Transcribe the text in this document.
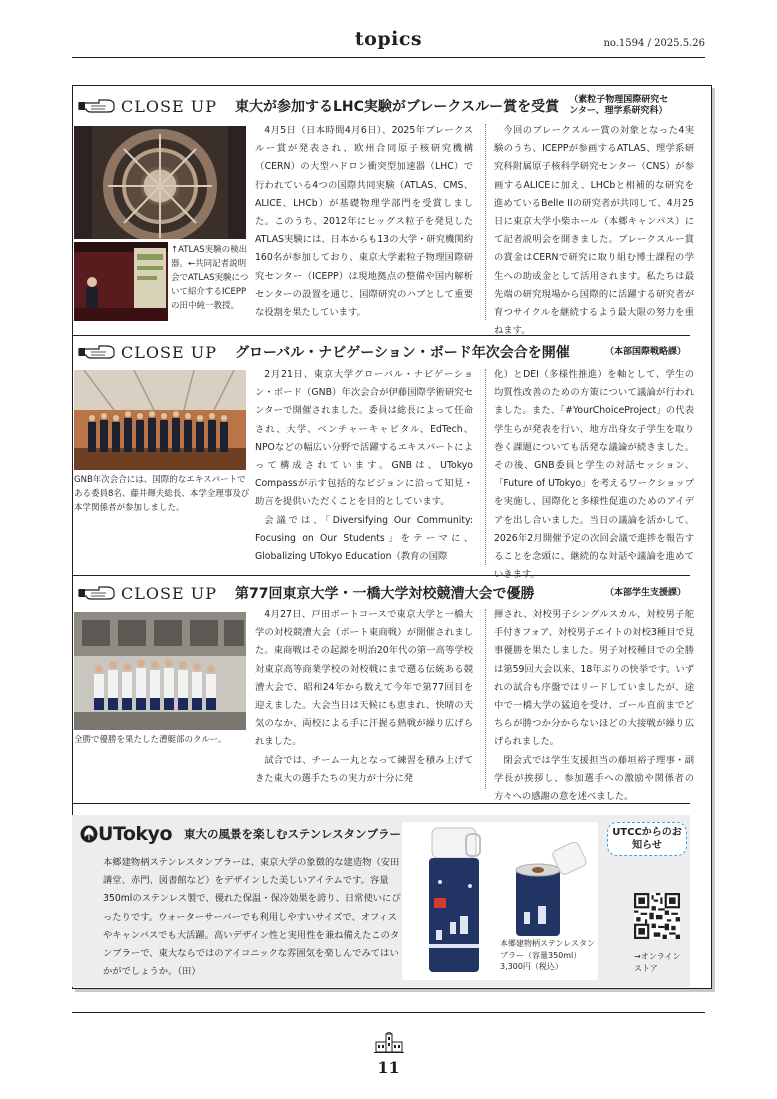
topics	no.1594 / 2025.5.26
CLOSE UP 東大が参加するLHC実験がブレークスルー賞を受賞 （素粒子物理国際研究センター、理学系研究科）
↑ATLAS実験の検出器。←共同記者説明会でATLAS実験について紹介するICEPPの田中純一教授。

4月5日（日本時間4月6日）、2025年ブレークスルー賞が発表され、欧州合同原子核研究機構（CERN）の大型ハドロン衝突型加速器（LHC）で行われている4つの国際共同実験（ATLAS、CMS、ALICE、LHCb）が基礎物理学部門を受賞しました。このうち、2012年にヒッグス粒子を発見したATLAS実験には、日本からも13の大学・研究機関約160名が参加しており、東京大学素粒子物理国際研究センター（ICEPP）は現地拠点の整備や国内解析センターの設置を通じ、国際研究のハブとして重要な役割を果たしています。

今回のブレークスルー賞の対象となった4実験のうち、ICEPPが参画するATLAS、理学系研究科附属原子核科学研究センター（CNS）が参画するALICEに加え、LHCbと相補的な研究を進めているBelle IIの研究者が共同して、4月25日に東京大学小柴ホール（本郷キャンパス）にて記者説明会を開きました。ブレークスルー賞の賞金はCERNで研究に取り組む博士課程の学生への助成金として活用されます。私たちは最先端の研究現場から国際的に活躍する研究者が育つサイクルを継続するよう最大限の努力を重ねます。

CLOSE UP グローバル・ナビゲーション・ボード年次会合を開催	（本部国際戦略課）
GNB年次会合には、国際的なエキスパートである委員8名、藤井輝夫総長、本学全理事及び本学関係者が参加しました。

2月21日、東京大学グローバル・ナビゲーション・ボード（GNB）年次会合が伊藤国際学術研究センターで開催されました。委員は総長によって任命され、大学、ベンチャーキャピタル、EdTech、NPOなどの幅広い分野で活躍するエキスパートによって構成されています。GNBは、UTokyo Compassが示す包括的なビジョンに沿って知見・助言を提供いただくことを目的としています。

会議では、「Diversifying Our Community: Focusing on Our Students」をテーマに、Globalizing UTokyo Education（教育の国際

化）とDEI（多様性推進）を軸として、学生の均質性改善のための方策について議論が行われました。また、「#YourChoiceProject」の代表学生らが発表を行い、地方出身女子学生を取り巻く課題についても活発な議論が続きました。その後、GNB委員と学生の対話セッション、「Future of UTokyo」を考えるワークショップを実施し、国際化と多様性促進のためのアイデアを出し合いました。当日の議論を活かして、2026年2月開催予定の次回会議で進捗を報告することを念頭に、継続的な対話や議論を進めていきます。

CLOSE UP 第77回東京大学・一橋大学対校競漕大会で優勝	（本部学生支援課）
全勝で優勝を果たした漕艇部のクルー。

4月27日、戸田ボートコースで東京大学と一橋大学の対校競漕大会（ボート東商戦）が開催されました。東商戦はその起源を明治20年代の第一高等学校対東京高等商業学校の対校戦にまで遡る伝統ある競漕大会で、昭和24年から数えて今年で第77回目を迎えました。大会当日は天候にも恵まれ、快晴の天気のなか、両校による手に汗握る熱戦が繰り広げられました。

試合では、チーム一丸となって練習を積み上げてきた東大の選手たちの実力が十分に発

揮され、対校男子シングルスカル、対校男子舵手付きフォア、対校男子エイトの対校3種目で見事優勝を果たしました。男子対校種目での全勝は第59回大会以来、18年ぶりの快挙です。いずれの試合も序盤ではリードしていましたが、途中で一橋大学の猛追を受け、ゴール直前までどちらが勝つか分からないほどの大接戦が繰り広げられました。

閉会式では学生支援担当の藤垣裕子理事・副学長が挨拶し、参加選手への激励や関係者の方々への感謝の意を述べました。

UTokyo 東大の風景を楽しむステンレスタンブラー
本郷建物柄ステンレスタンブラーは、東京大学の象徴的な建造物（安田講堂、赤門、図書館など）をデザインした美しいアイテムです。容量350mlのステンレス製で、優れた保温・保冷効果を誇り、日常使いにぴったりです。ウォーターサーバーでも利用しやすいサイズで、オフィスやキャンパスでも大活躍。高いデザイン性と実用性を兼ね備えたこのタンブラーで、東大ならではのアイコニックな雰囲気を楽しんでみてはいかがでしょうか。（田）
本郷建物柄ステンレスタンブラー（容量350ml）3,300円（税込）
UTCCからのお知らせ
→オンラインストア
11
